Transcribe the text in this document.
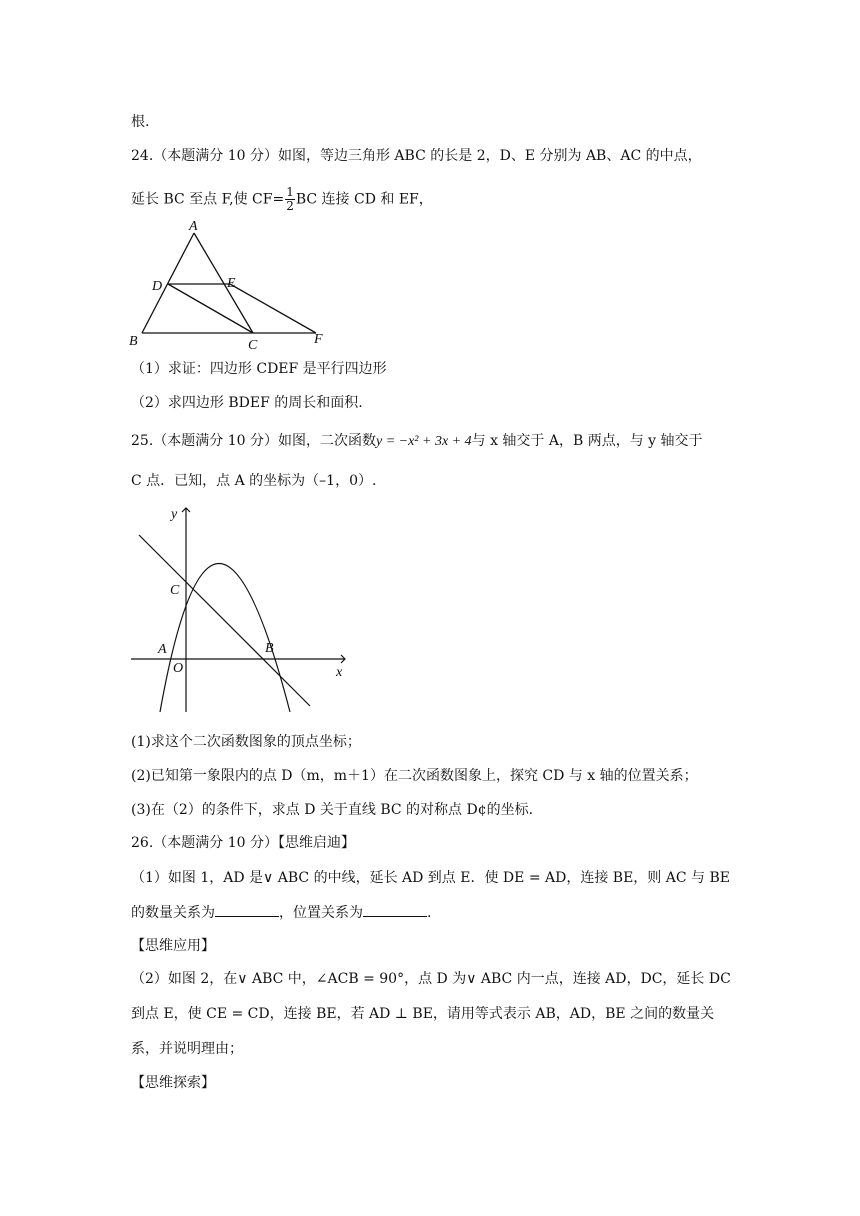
根.
24.（本题满分 10 分）如图，等边三角形 ABC 的长是 2，D、E 分别为 AB、AC 的中点，
延长 BC 至点 F,使 $CF= \frac{1}{2}$ BC 连接 CD 和 EF，
A
D	E
B	C	F
y
x
C
A
O
B
（1）求证：四边形 CDEF 是平行四边形
（2）求四边形 BDEF 的周长和面积.
25.（本题满分 10 分）如图，二次函数y = −x² + 3x + 4与 x 轴交于 A，B 两点，与 y 轴交于
C 点．已知，点 A 的坐标为（–1，0）.
(1)求这个二次函数图象的顶点坐标；
(2)已知第一象限内的点 D（m，m＋1）在二次函数图象上，探究 CD 与 x 轴的位置关系；
(3)在（2）的条件下，求点 D 关于直线 BC 的对称点 D¢的坐标.
26.（本题满分 10 分）【思维启迪】
（1）如图 1，AD 是∨ ABC 的中线，延长 AD 到点 E．使 DE = AD，连接 BE，则 AC 与 BE
的数量关系为	，位置关系为	.
【思维应用】
（2）如图 2，在∨ ABC 中，∠ACB = 90°，点 D 为∨ ABC 内一点，连接 AD，DC，延长 DC
到点 E，使 CE = CD，连接 BE，若 AD ⊥ BE，请用等式表示 AB，AD，BE 之间的数量关
系，并说明理由；
【思维探索】
